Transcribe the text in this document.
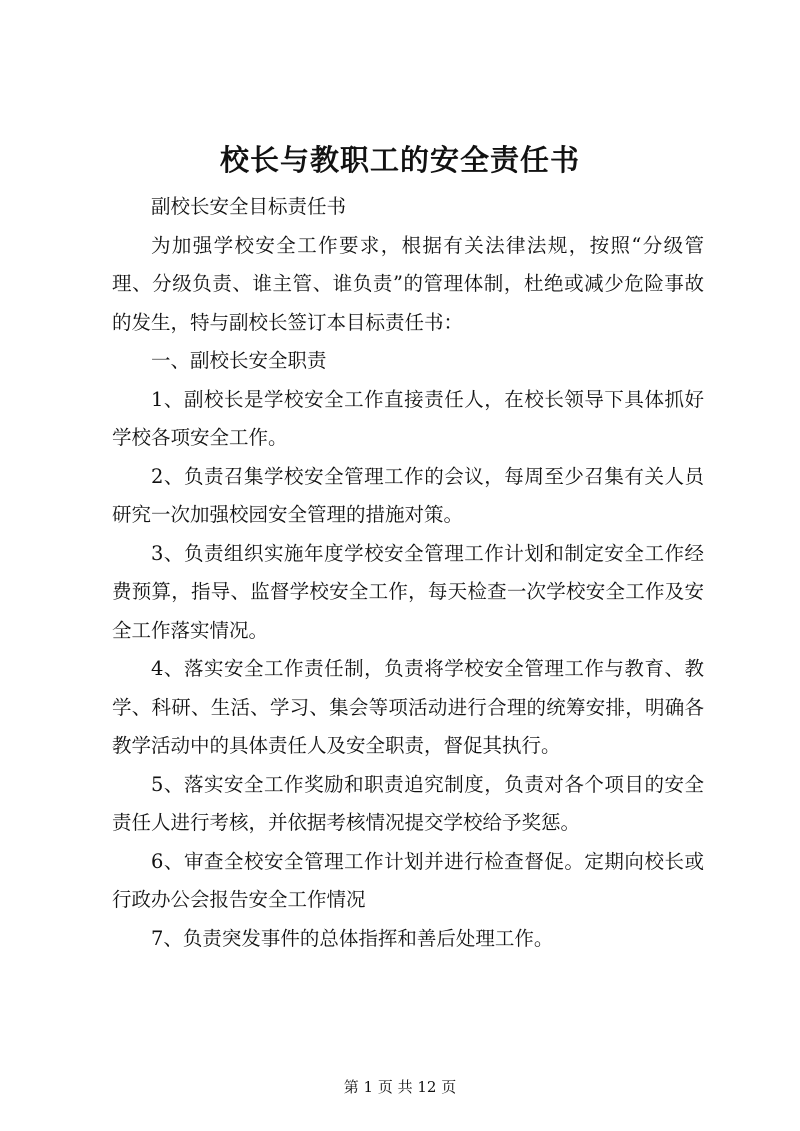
校长与教职工的安全责任书

副校长安全目标责任书

为加强学校安全工作要求，根据有关法律法规，按照“分级管理、分级负责、谁主管、谁负责”的管理体制，杜绝或减少危险事故的发生，特与副校长签订本目标责任书：

一、副校长安全职责

1、副校长是学校安全工作直接责任人，在校长领导下具体抓好学校各项安全工作。

2、负责召集学校安全管理工作的会议，每周至少召集有关人员研究一次加强校园安全管理的措施对策。

3、负责组织实施年度学校安全管理工作计划和制定安全工作经费预算，指导、监督学校安全工作，每天检查一次学校安全工作及安全工作落实情况。

4、落实安全工作责任制，负责将学校安全管理工作与教育、教学、科研、生活、学习、集会等项活动进行合理的统筹安排，明确各教学活动中的具体责任人及安全职责，督促其执行。

5、落实安全工作奖励和职责追究制度，负责对各个项目的安全责任人进行考核，并依据考核情况提交学校给予奖惩。

6、审查全校安全管理工作计划并进行检查督促。定期向校长或行政办公会报告安全工作情况

7、负责突发事件的总体指挥和善后处理工作。

第 1 页 共 12 页
